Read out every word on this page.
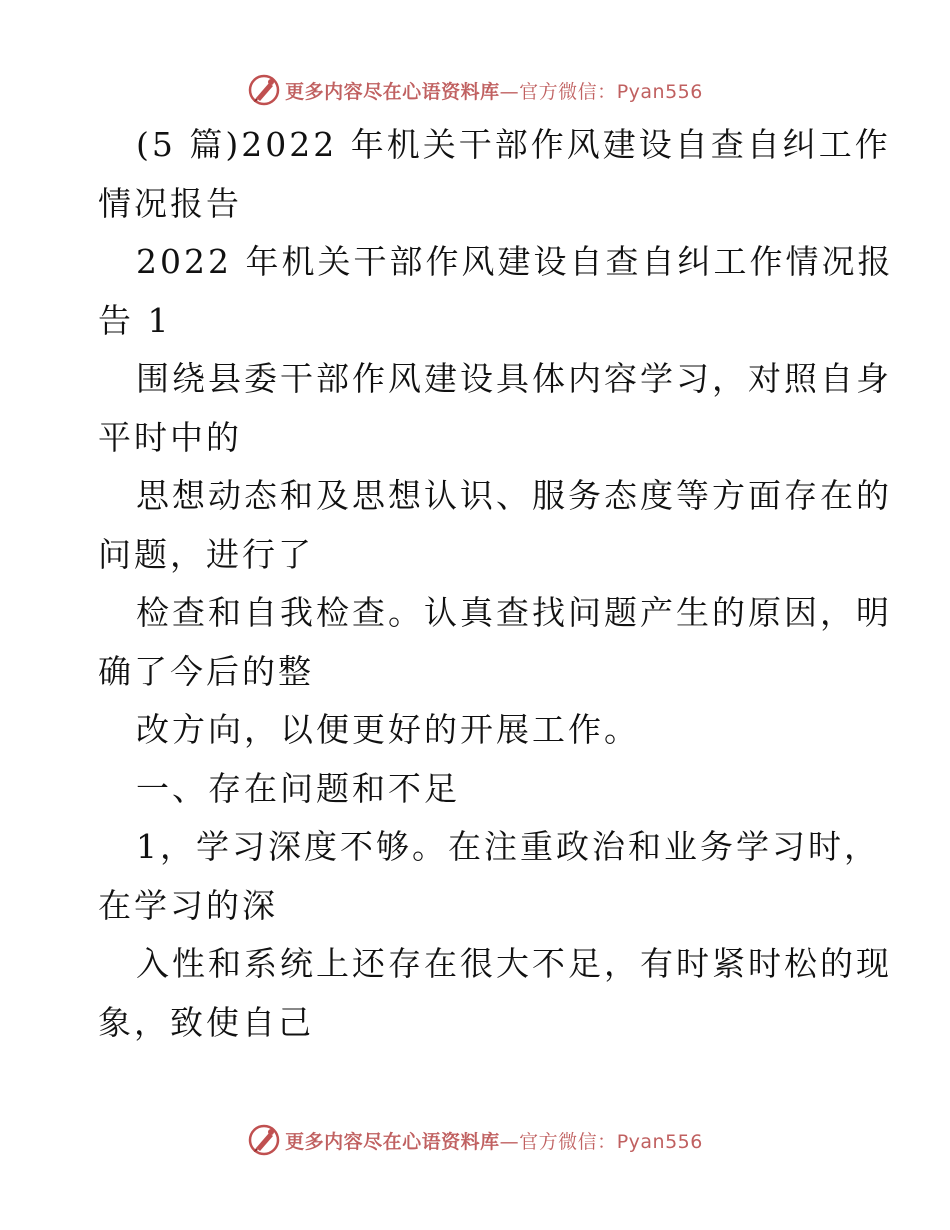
更多内容尽在心语资料库—官方微信：Pyan556
(5 篇)2022 年机关干部作风建设自查自纠工作
情况报告
2022 年机关干部作风建设自查自纠工作情况报
告 1
围绕县委干部作风建设具体内容学习，对照自身
平时中的
思想动态和及思想认识、服务态度等方面存在的
问题，进行了
检查和自我检查。认真查找问题产生的原因，明
确了今后的整
改方向，以便更好的开展工作。
一、存在问题和不足
1，学习深度不够。在注重政治和业务学习时，
在学习的深
入性和系统上还存在很大不足，有时紧时松的现
象，致使自己
更多内容尽在心语资料库—官方微信：Pyan556
